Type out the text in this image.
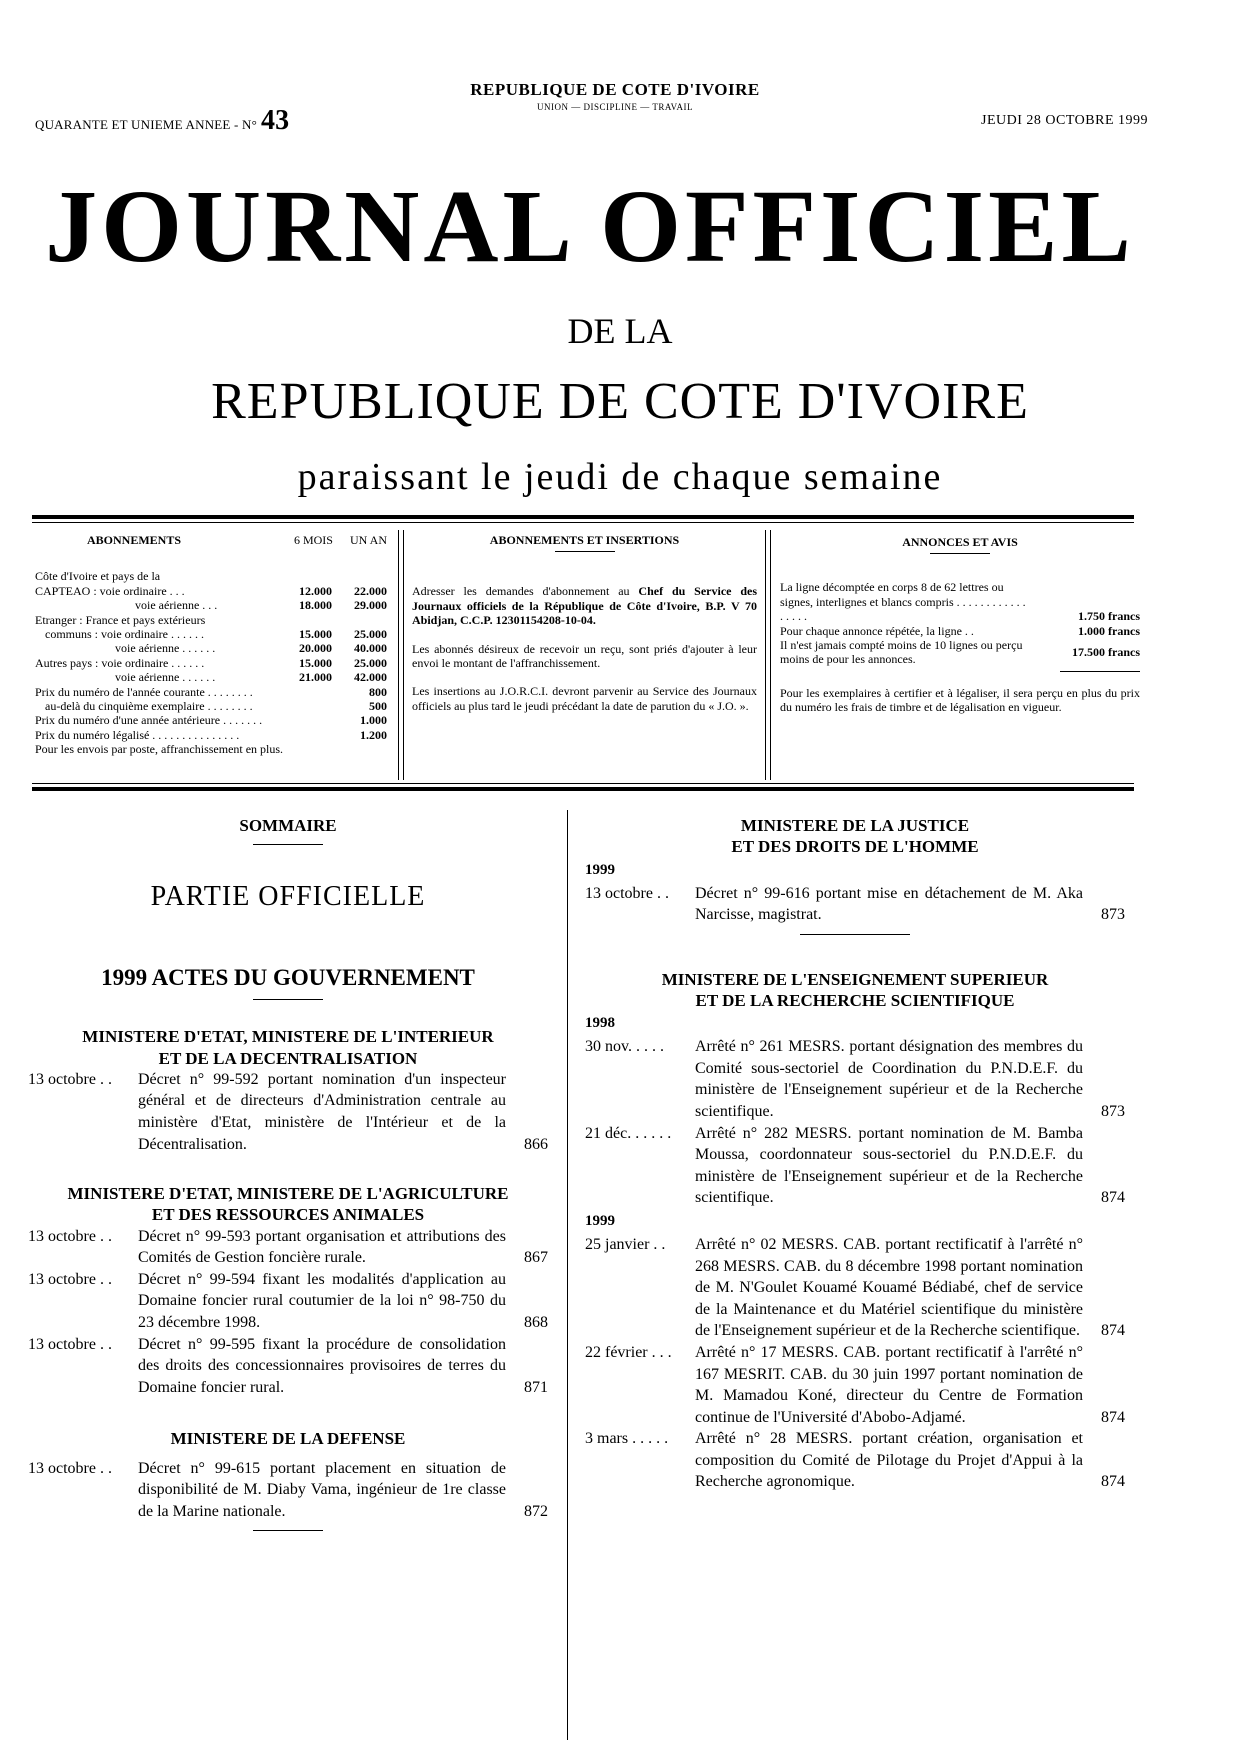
QUARANTE ET UNIEME ANNEE - N° 43
REPUBLIQUE DE COTE D'IVOIRE
UNION — DISCIPLINE — TRAVAIL
JEUDI 28 OCTOBRE 1999
JOURNAL OFFICIEL
DE LA
REPUBLIQUE DE COTE D'IVOIRE
paraissant le jeudi de chaque semaine
ABONNEMENTS	6 MOIS UN AN
Côte d'Ivoire et pays de la
CAPTEAO : voie ordinaire . . .	12.000	22.000
voie aérienne . . .	18.000	29.000
Etranger : France et pays extérieurs
communs : voie ordinaire . . . . . .	15.000	25.000
voie aérienne . . . . . .	20.000	40.000
Autres pays : voie ordinaire . . . . . .	15.000	25.000
voie aérienne . . . . . .	21.000	42.000
Prix du numéro de l'année courante . . . . . . . .	800
au-delà du cinquième exemplaire . . . . . . . .	500
Prix du numéro d'une année antérieure . . . . . . .	1.000
Prix du numéro légalisé . . . . . . . . . . . . . . .	1.200
Pour les envois par poste, affranchissement en plus.
ABONNEMENTS ET INSERTIONS
Adresser les demandes d'abonnement au Chef du Service des Journaux officiels de la République de Côte d'Ivoire, B.P. V 70 Abidjan, C.C.P. 12301154208-10-04.
Les abonnés désireux de recevoir un reçu, sont priés d'ajouter à leur envoi le montant de l'affranchissement.
Les insertions au J.O.R.C.I. devront parvenir au Service des Journaux officiels au plus tard le jeudi précédant la date de parution du « J.O. ».
ANNONCES ET AVIS
La ligne décomptée en corps 8 de 62 lettres ou signes, interlignes et blancs compris . . . . . . . . . . . . . . . . .	1.750 francs
Pour chaque annonce répétée, la ligne . .	1.000 francs
Il n'est jamais compté moins de 10 lignes ou perçu moins de pour les annonces.
17.500 francs
Pour les exemplaires à certifier et à légaliser, il sera perçu en plus du prix du numéro les frais de timbre et de légalisation en vigueur.
SOMMAIRE
PARTIE OFFICIELLE
1999 ACTES DU GOUVERNEMENT
MINISTERE D'ETAT, MINISTERE DE L'INTERIEUR
ET DE LA DECENTRALISATION
13 octobre . .	Décret n° 99-592 portant nomination d'un inspecteur général et de directeurs d'Administration centrale au ministère d'Etat, ministère de l'Intérieur et de la Décentralisation.	866
MINISTERE D'ETAT, MINISTERE DE L'AGRICULTURE
ET DES RESSOURCES ANIMALES
13 octobre . .	Décret n° 99-593 portant organisation et attributions des Comités de Gestion foncière rurale.	867
13 octobre . .	Décret n° 99-594 fixant les modalités d'application au Domaine foncier rural coutumier de la loi n° 98-750 du 23 décembre 1998.	868
13 octobre . .	Décret n° 99-595 fixant la procédure de consolidation des droits des concessionnaires provisoires de terres du Domaine foncier rural.	871
MINISTERE DE LA DEFENSE
13 octobre . .	Décret n° 99-615 portant placement en situation de disponibilité de M. Diaby Vama, ingénieur de 1re classe de la Marine nationale.	872
MINISTERE DE LA JUSTICE
ET DES DROITS DE L'HOMME
1999
13 octobre . .	Décret n° 99-616 portant mise en détachement de M. Aka Narcisse, magistrat.	873
MINISTERE DE L'ENSEIGNEMENT SUPERIEUR
ET DE LA RECHERCHE SCIENTIFIQUE
1998
30 nov. . . . .	Arrêté n° 261 MESRS. portant désignation des membres du Comité sous-sectoriel de Coordination du P.N.D.E.F. du ministère de l'Enseignement supérieur et de la Recherche scientifique.	873
21 déc. . . . . .	Arrêté n° 282 MESRS. portant nomination de M. Bamba Moussa, coordonnateur sous-sectoriel du P.N.D.E.F. du ministère de l'Enseignement supérieur et de la Recherche scientifique.	874
1999
25 janvier . .	Arrêté n° 02 MESRS. CAB. portant rectificatif à l'arrêté n° 268 MESRS. CAB. du 8 décembre 1998 portant nomination de M. N'Goulet Kouamé Kouamé Bédiabé, chef de service de la Maintenance et du Matériel scientifique du ministère de l'Enseignement supérieur et de la Recherche scientifique.	874
22 février . . .	Arrêté n° 17 MESRS. CAB. portant rectificatif à l'arrêté n° 167 MESRIT. CAB. du 30 juin 1997 portant nomination de M. Mamadou Koné, directeur du Centre de Formation continue de l'Université d'Abobo-Adjamé.	874
3 mars . . . . .	Arrêté n° 28 MESRS. portant création, organisation et composition du Comité de Pilotage du Projet d'Appui à la Recherche agronomique.	874
